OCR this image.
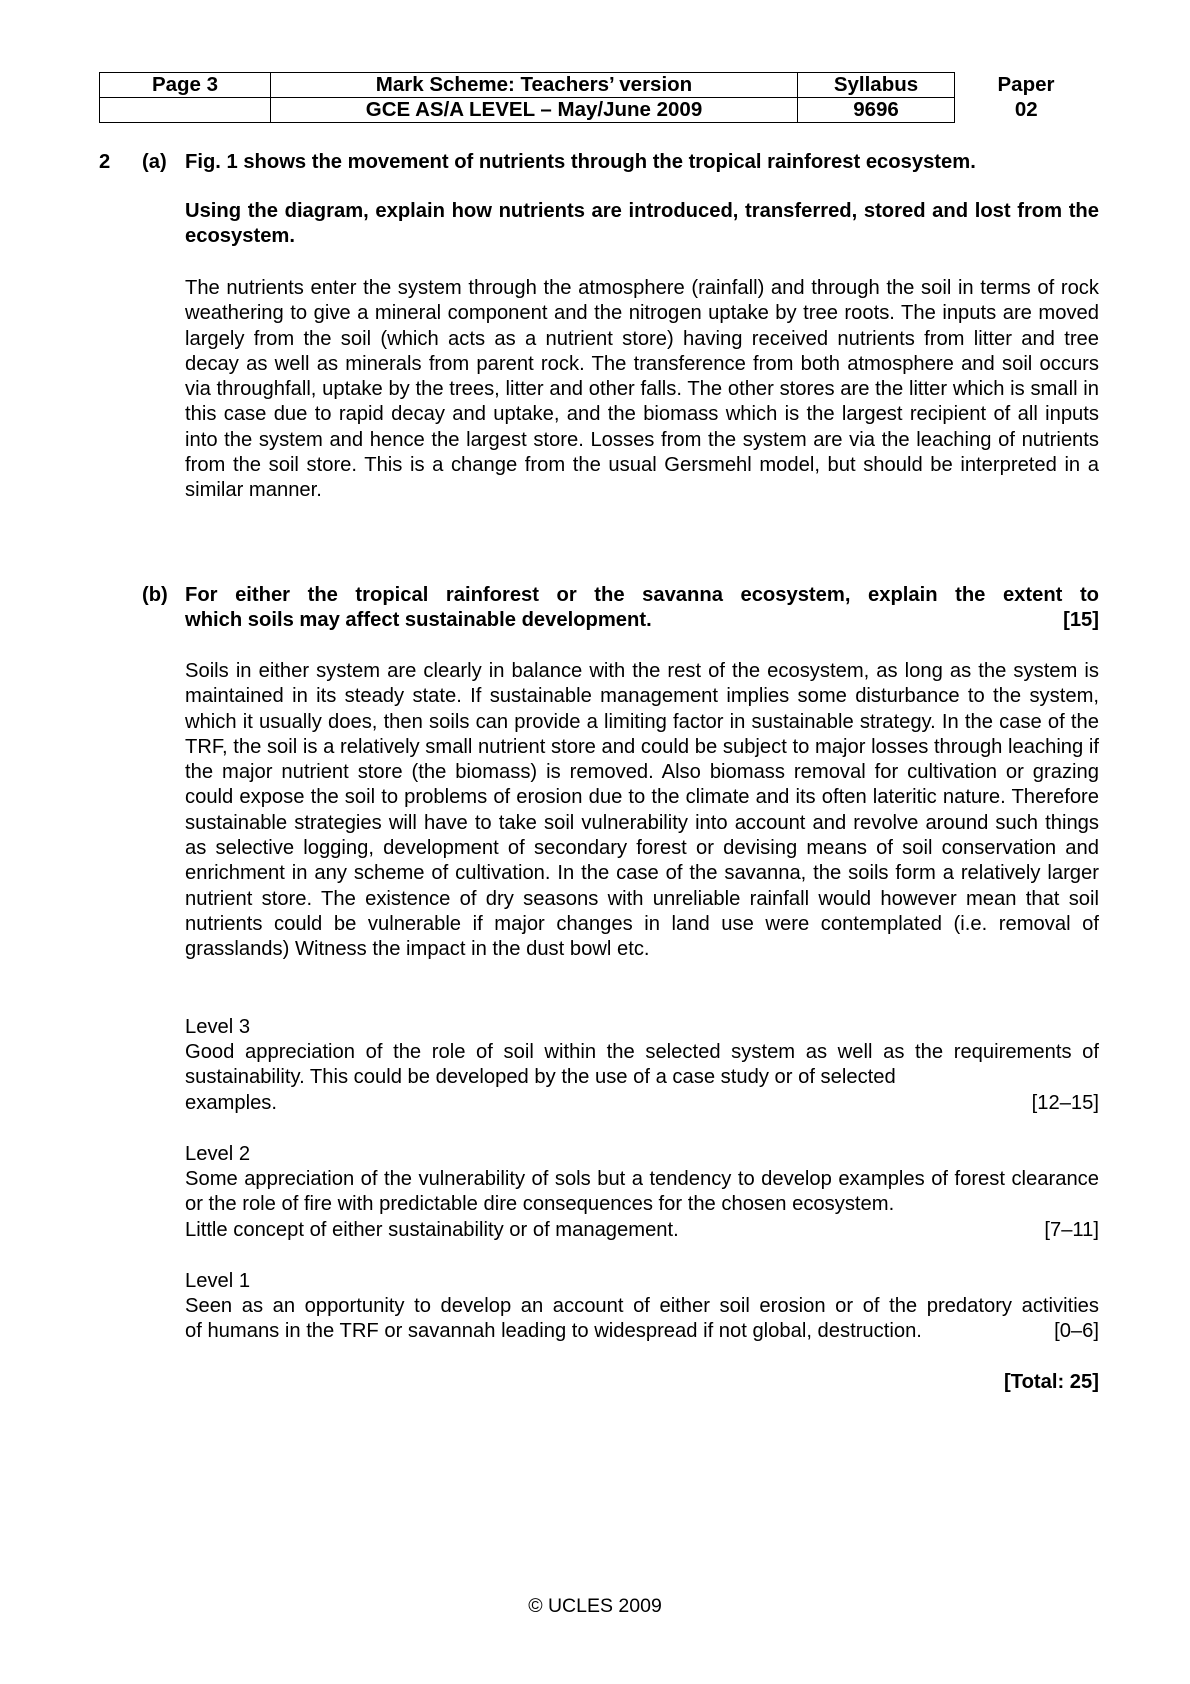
Page 3	Mark Scheme: Teachers’ version	Syllabus	Paper
	GCE AS/A LEVEL – May/June 2009	9696	02
2 (a) Fig. 1 shows the movement of nutrients through the tropical rainforest ecosystem.
Using the diagram, explain how nutrients are introduced, transferred, stored and lost from the ecosystem.
The nutrients enter the system through the atmosphere (rainfall) and through the soil in terms of rock weathering to give a mineral component and the nitrogen uptake by tree roots. The inputs are moved largely from the soil (which acts as a nutrient store) having received nutrients from litter and tree decay as well as minerals from parent rock. The transference from both atmosphere and soil occurs via throughfall, uptake by the trees, litter and other falls. The other stores are the litter which is small in this case due to rapid decay and uptake, and the biomass which is the largest recipient of all inputs into the system and hence the largest store. Losses from the system are via the leaching of nutrients from the soil store. This is a change from the usual Gersmehl model, but should be interpreted in a similar manner.
(b) For either the tropical rainforest or the savanna ecosystem, explain the extent to
which soils may affect sustainable development.	[15]
Soils in either system are clearly in balance with the rest of the ecosystem, as long as the system is maintained in its steady state. If sustainable management implies some disturbance to the system, which it usually does, then soils can provide a limiting factor in sustainable strategy. In the case of the TRF, the soil is a relatively small nutrient store and could be subject to major losses through leaching if the major nutrient store (the biomass) is removed. Also biomass removal for cultivation or grazing could expose the soil to problems of erosion due to the climate and its often lateritic nature. Therefore sustainable strategies will have to take soil vulnerability into account and revolve around such things as selective logging, development of secondary forest or devising means of soil conservation and enrichment in any scheme of cultivation. In the case of the savanna, the soils form a relatively larger nutrient store. The existence of dry seasons with unreliable rainfall would however mean that soil nutrients could be vulnerable if major changes in land use were contemplated (i.e. removal of grasslands) Witness the impact in the dust bowl etc.
Level 3
Good appreciation of the role of soil within the selected system as well as the requirements of sustainability. This could be developed by the use of a case study or of selected
examples.	[12–15]
Level 2
Some appreciation of the vulnerability of sols but a tendency to develop examples of forest clearance or the role of fire with predictable dire consequences for the chosen ecosystem.
Little concept of either sustainability or of management.	[7–11]
Level 1
Seen as an opportunity to develop an account of either soil erosion or of the predatory activities
of humans in the TRF or savannah leading to widespread if not global, destruction.	[0–6]
[Total: 25]
© UCLES 2009
